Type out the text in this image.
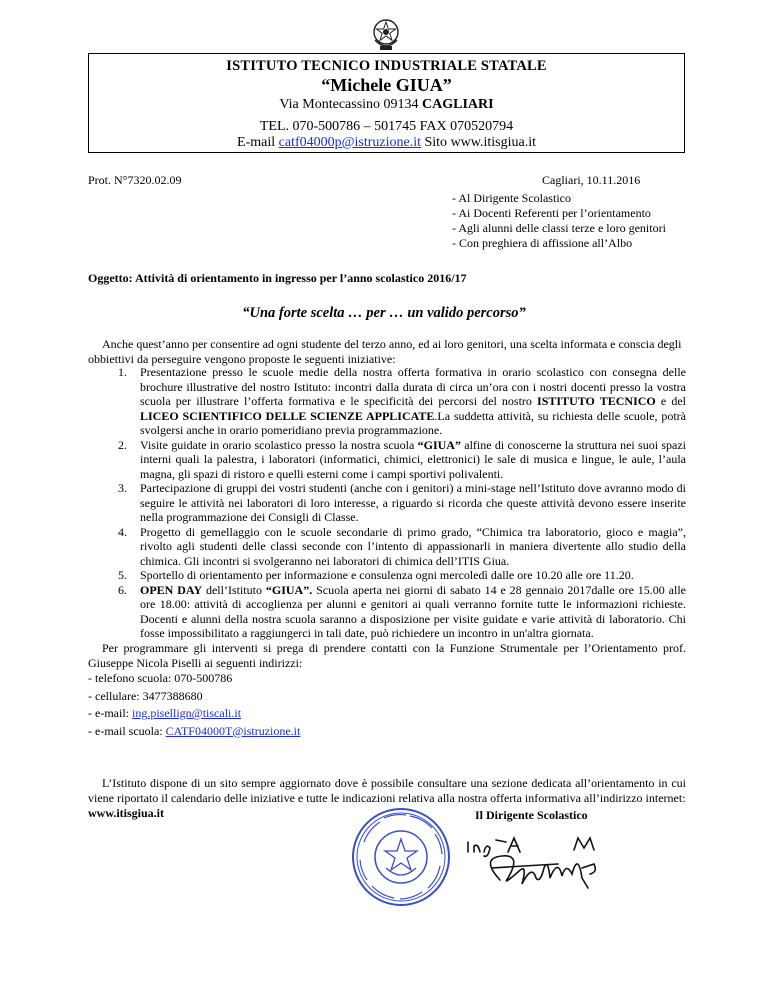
ISTITUTO TECNICO INDUSTRIALE STATALE
“Michele GIUA”
Via Montecassino 09134 CAGLIARI
TEL. 070-500786 – 501745 FAX 070520794
E-mail catf04000p@istruzione.it Sito www.itisgiua.it
Prot. N°7320.02.09	Cagliari, 10.11.2016
- Al Dirigente Scolastico
- Ai Docenti Referenti per l’orientamento
- Agli alunni delle classi terze e loro genitori
- Con preghiera di affissione all’Albo
Oggetto: Attività di orientamento in ingresso per l’anno scolastico 2016/17
“Una forte scelta … per … un valido percorso”
Anche quest’anno per consentire ad ogni studente del terzo anno, ed ai loro genitori, una scelta informata e conscia degli obbiettivi da perseguire vengono proposte le seguenti iniziative:
1. Presentazione presso le scuole medie della nostra offerta formativa in orario scolastico con consegna delle brochure illustrative del nostro Istituto: incontri dalla durata di circa un’ora con i nostri docenti presso la vostra scuola per illustrare l’offerta formativa e le specificità dei percorsi del nostro ISTITUTO TECNICO e del LICEO SCIENTIFICO DELLE SCIENZE APPLICATE.La suddetta attività, su richiesta delle scuole, potrà svolgersi anche in orario pomeridiano previa programmazione.
2. Visite guidate in orario scolastico presso la nostra scuola “GIUA” alfine di conoscerne la struttura nei suoi spazi interni quali la palestra, i laboratori (informatici, chimici, elettronici) le sale di musica e lingue, le aule, l’aula magna, gli spazi di ristoro e quelli esterni come i campi sportivi polivalenti.
3. Partecipazione di gruppi dei vostri studenti (anche con i genitori) a mini-stage nell’Istituto dove avranno modo di seguire le attività nei laboratori di loro interesse, a riguardo si ricorda che queste attività devono essere inserite nella programmazione dei Consigli di Classe.
4. Progetto di gemellaggio con le scuole secondarie di primo grado, “Chimica tra laboratorio, gioco e magia”, rivolto agli studenti delle classi seconde con l’intento di appassionarli in maniera divertente allo studio della chimica. Gli incontri si svolgeranno nei laboratori di chimica dell’ITIS Giua.
5. Sportello di orientamento per informazione e consulenza ogni mercoledì dalle ore 10.20 alle ore 11.20.
6. OPEN DAY dell’Istituto “GIUA”. Scuola aperta nei giorni di sabato 14 e 28 gennaio 2017dalle ore 15.00 alle ore 18.00: attività di accoglienza per alunni e genitori ai quali verranno fornite tutte le informazioni richieste. Docenti e alunni della nostra scuola saranno a disposizione per visite guidate e varie attività di laboratorio. Chi fosse impossibilitato a raggiungerci in tali date, può richiedere un incontro in un'altra giornata.
Per programmare gli interventi si prega di prendere contatti con la Funzione Strumentale per l’Orientamento prof. Giuseppe Nicola Piselli ai seguenti indirizzi:
- telefono scuola: 070-500786
- cellulare: 3477388680
- e-mail: ing.pisellign@tiscali.it
- e-mail scuola: CATF04000T@istruzione.it
L’Istituto dispone di un sito sempre aggiornato dove è possibile consultare una sezione dedicata all’orientamento in cui viene riportato il calendario delle iniziative e tutte le indicazioni relativa alla nostra offerta informativa all’indirizzo internet:
www.itisgiua.it	Il Dirigente Scolastico
